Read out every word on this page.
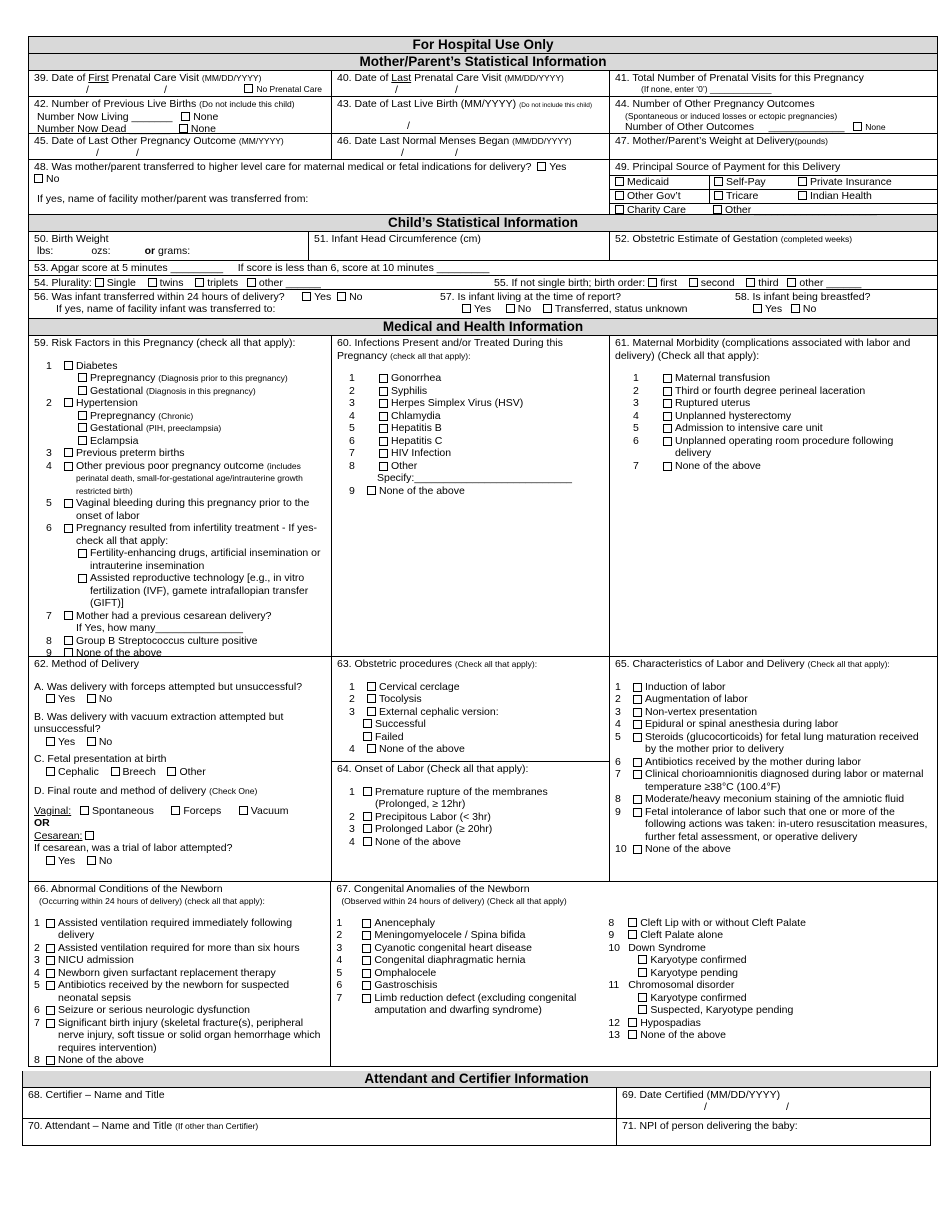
For Hospital Use Only
Mother/Parent’s Statistical Information
39. Date of First Prenatal Care Visit (MM/DD/YYYY)
/	/	No Prenatal Care
40. Date of Last Prenatal Care Visit (MM/DD/YYYY)
/	/
41. Total Number of Prenatal Visits for this Pregnancy
(If none, enter ‘0’) _____________
42. Number of Previous Live Births (Do not include this child)
Number Now Living _______ None
Number Now Dead _______ None
43. Date of Last Live Birth (MM/YYYY) (Do not include this child)
/
44. Number of Other Pregnancy Outcomes
(Spontaneous or induced losses or ectopic pregnancies)
Number of Other Outcomes _____________ None
45. Date of Last Other Pregnancy Outcome (MM/YYYY)
/	/
46. Date Last Normal Menses Began (MM/DD/YYYY)
/	/
47. Mother/Parent’s Weight at Delivery(pounds)
48. Was mother/parent transferred to higher level care for maternal medical or fetal indications for delivery? Yes
No
If yes, name of facility mother/parent was transferred from:
49. Principal Source of Payment for this Delivery
Medicaid	Self-Pay	Private Insurance
Other Gov’t	Tricare	Indian Health
Charity Care	Other _____________________
Child’s Statistical Information
50. Birth Weight
lbs:	ozs:	or grams:
51. Infant Head Circumference (cm)	52. Obstetric Estimate of Gestation (completed weeks)
53. Apgar score at 5 minutes _________ If score is less than 6, score at 10 minutes _________
54. Plurality: Single twins triplets other ______	55. If not single birth; birth order: first second third other ______
56. Was infant transferred within 24 hours of delivery?	Yes No
If yes, name of facility infant was transferred to:
57. Is infant living at the time of report?
Yes	No Transferred, status unknown
58. Is infant being breastfed?
Yes No
Medical and Health Information
59. Risk Factors in this Pregnancy (check all that apply):
1	Diabetes
Prepregnancy (Diagnosis prior to this pregnancy)
Gestational (Diagnosis in this pregnancy)
2	Hypertension
Prepregnancy (Chronic)
Gestational (PIH, preeclampsia)
Eclampsia
3	Previous preterm births
4	Other previous poor pregnancy outcome (includes perinatal death, small-for-gestational age/intrauterine growth restricted birth)
5	Vaginal bleeding during this pregnancy prior to the onset of labor
6	Pregnancy resulted from infertility treatment - If yes-check all that apply:
Fertility-enhancing drugs, artificial insemination or intrauterine insemination
Assisted reproductive technology [e.g., in vitro fertilization (IVF), gamete intrafallopian transfer (GIFT)]
7	Mother had a previous cesarean delivery?
If Yes, how many_______________
8	Group B Streptococcus culture positive
9	None of the above
60. Infections Present and/or Treated During this Pregnancy (check all that apply):
1	Gonorrhea
2	Syphilis
3	Herpes Simplex Virus (HSV)
4	Chlamydia
5	Hepatitis B
6	Hepatitis C
7	HIV Infection
8	Other
Specify:___________________________
9	None of the above
61. Maternal Morbidity (complications associated with labor and delivery) (Check all that apply):
1	Maternal transfusion
2	Third or fourth degree perineal laceration
3	Ruptured uterus
4	Unplanned hysterectomy
5	Admission to intensive care unit
6	Unplanned operating room procedure following delivery
7	None of the above
62. Method of Delivery
A. Was delivery with forceps attempted but unsuccessful?
Yes No
B. Was delivery with vacuum extraction attempted but unsuccessful?
Yes No
C. Fetal presentation at birth
Cephalic Breech Other
D. Final route and method of delivery (Check One)
Vaginal: Spontaneous	Forceps	Vacuum
OR
Cesarean:
If cesarean, was a trial of labor attempted?
Yes No
63. Obstetric procedures (Check all that apply):
1	Cervical cerclage
2	Tocolysis
3	External cephalic version:
Successful
Failed
4	None of the above
64. Onset of Labor (Check all that apply):
1 Premature rupture of the membranes
(Prolonged, ≥ 12hr)
2 Precipitous Labor (< 3hr)
3 Prolonged Labor (≥ 20hr)
4 None of the above
65. Characteristics of Labor and Delivery (Check all that apply):
1	Induction of labor
2	Augmentation of labor
3	Non-vertex presentation
4	Epidural or spinal anesthesia during labor
5	Steroids (glucocorticoids) for fetal lung maturation received by the mother prior to delivery
6	Antibiotics received by the mother during labor
7	Clinical chorioamnionitis diagnosed during labor or maternal temperature ≥38°C (100.4°F)
8	Moderate/heavy meconium staining of the amniotic fluid
9	Fetal intolerance of labor such that one or more of the following actions was taken: in-utero resuscitation measures, further fetal assessment, or operative delivery
10	None of the above
66. Abnormal Conditions of the Newborn
(Occurring within 24 hours of delivery) (check all that apply):
1	Assisted ventilation required immediately following delivery
2	Assisted ventilation required for more than six hours
3	NICU admission
4	Newborn given surfactant replacement therapy
5	Antibiotics received by the newborn for suspected neonatal sepsis
6	Seizure or serious neurologic dysfunction
7	Significant birth injury (skeletal fracture(s), peripheral nerve injury, soft tissue or solid organ hemorrhage which requires intervention)
8	None of the above
67. Congenital Anomalies of the Newborn
(Observed within 24 hours of delivery) (Check all that apply)
1	Anencephaly
2	Meningomyelocele / Spina bifida
3	Cyanotic congenital heart disease
4	Congenital diaphragmatic hernia
5	Omphalocele
6	Gastroschisis
7	Limb reduction defect (excluding congenital amputation and dwarfing syndrome)
8 Cleft Lip with or without Cleft Palate
9 Cleft Palate alone
10 Down Syndrome
Karyotype confirmed
Karyotype pending
11 Chromosomal disorder
Karyotype confirmed
Suspected, Karyotype pending
12 Hypospadias
13 None of the above
Attendant and Certifier Information
68. Certifier – Name and Title	69. Date Certified (MM/DD/YYYY)
/	/
70. Attendant – Name and Title (If other than Certifier)	71. NPI of person delivering the baby:
